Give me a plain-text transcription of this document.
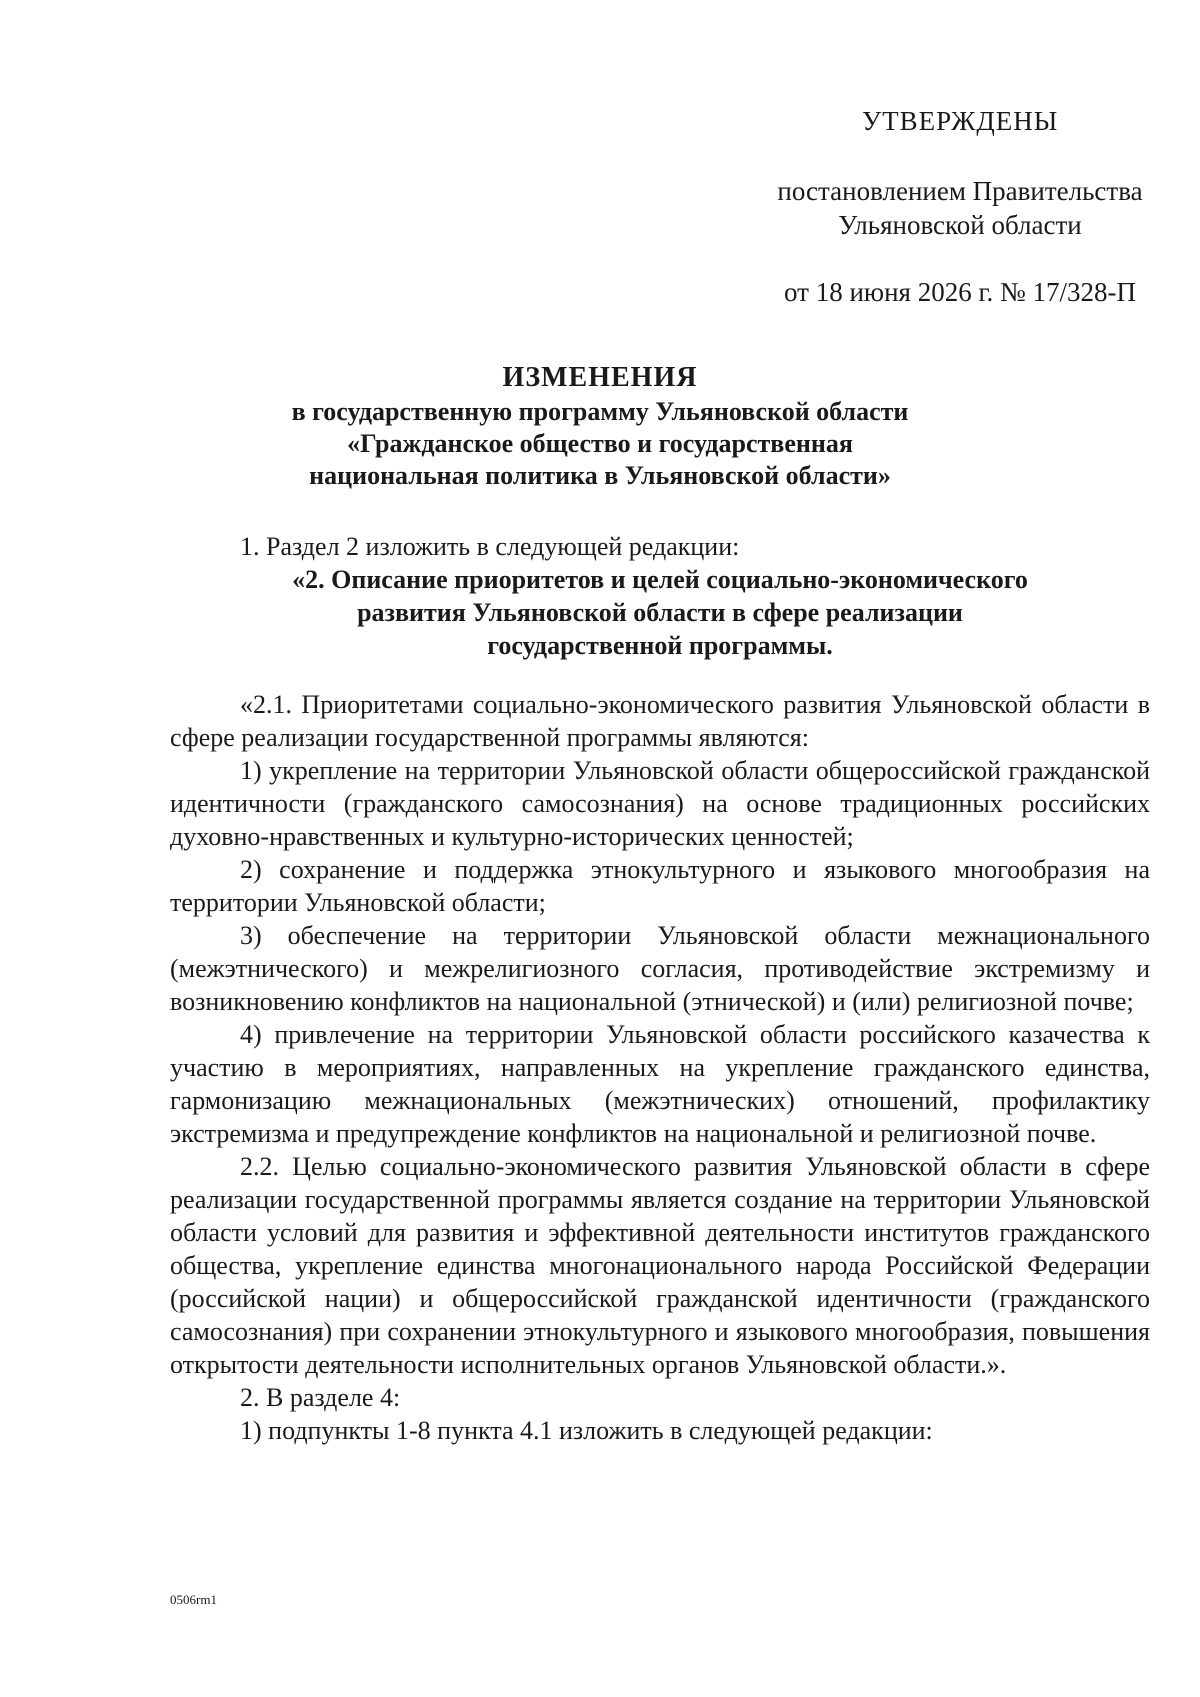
УТВЕРЖДЕНЫ
постановлением Правительства
Ульяновской области
от 18 июня 2026 г. № 17/328-П
ИЗМЕНЕНИЯ
в государственную программу Ульяновской области
«Гражданское общество и государственная
национальная политика в Ульяновской области»

1. Раздел 2 изложить в следующей редакции:

«2. Описание приоритетов и целей социально-экономического развития Ульяновской области в сфере реализации государственной программы.

«2.1. Приоритетами социально-экономического развития Ульяновской области в сфере реализации государственной программы являются:

1) укрепление на территории Ульяновской области общероссийской гражданской идентичности (гражданского самосознания) на основе традиционных российских духовно-нравственных и культурно-исторических ценностей;

2) сохранение и поддержка этнокультурного и языкового многообразия на территории Ульяновской области;

3) обеспечение на территории Ульяновской области межнационального (межэтнического) и межрелигиозного согласия, противодействие экстремизму и возникновению конфликтов на национальной (этнической) и (или) религиозной почве;

4) привлечение на территории Ульяновской области российского казачества к участию в мероприятиях, направленных на укрепление гражданского единства, гармонизацию межнациональных (межэтнических) отношений, профилактику экстремизма и предупреждение конфликтов на национальной и религиозной почве.

2.2. Целью социально-экономического развития Ульяновской области в сфере реализации государственной программы является создание на территории Ульяновской области условий для развития и эффективной деятельности институтов гражданского общества, укрепление единства многонационального народа Российской Федерации (российской нации) и общероссийской гражданской идентичности (гражданского самосознания) при сохранении этнокультурного и языкового многообразия, повышения открытости деятельности исполнительных органов Ульяновской области.».

2. В разделе 4:

1) подпункты 1-8 пункта 4.1 изложить в следующей редакции:

0506rm1
